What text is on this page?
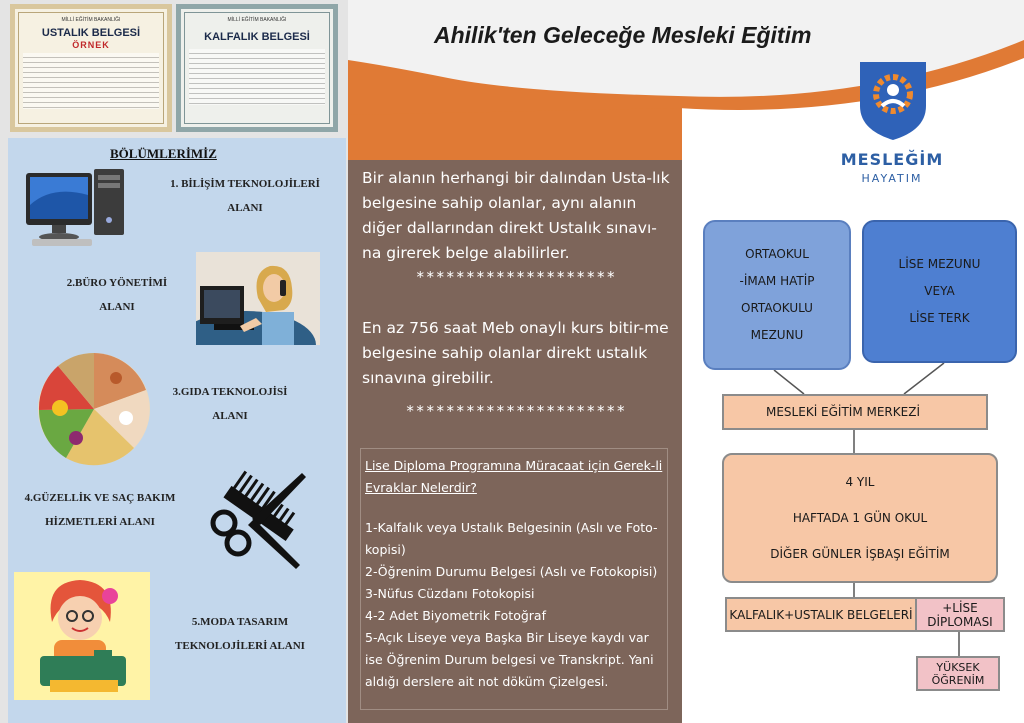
MİLLİ EĞİTİM BAKANLIĞI
USTALIK BELGESİ
ÖRNEK
MİLLİ EĞİTİM BAKANLIĞI
KALFALIK BELGESİ
BÖLÜMLERİMİZ
1. BİLİŞİM TEKNOLOJİLERİ
ALANI
2.BÜRO YÖNETİMİ
ALANI
3.GIDA TEKNOLOJİSİ
ALANI
4.GÜZELLİK VE SAÇ BAKIM
HİZMETLERİ ALANI
5.MODA TASARIM
TEKNOLOJİLERİ ALANI
Ahilik'ten Geleceğe Mesleki Eğitim
Bir alanın herhangi bir dalından Usta-lık belgesine sahip olanlar, aynı alanın diğer dallarından direkt Ustalık sınavı-na girerek belge alabilirler.
********************
En az 756 saat Meb onaylı kurs bitir-me belgesine sahip olanlar direkt ustalık sınavına girebilir.
**********************
Lise Diploma Programına Müracaat için Gerek-li Evraklar Nelerdir?
1-Kalfalık veya Ustalık Belgesinin (Aslı ve Foto-kopisi)
2-Öğrenim Durumu Belgesi (Aslı ve Fotokopisi)
3-Nüfus Cüzdanı Fotokopisi
4-2 Adet Biyometrik Fotoğraf
5-Açık Liseye veya Başka Bir Liseye kaydı var ise Öğrenim Durum belgesi ve Transkript. Yani aldığı derslere ait not döküm Çizelgesi.
MESLEĞİM
HAYATIM
ORTAOKUL
-İMAM HATİP ORTAOKULU
MEZUNU
LİSE MEZUNU
VEYA
LİSE TERK
MESLEKİ EĞİTİM MERKEZİ
4 YIL
HAFTADA 1 GÜN OKUL
DİĞER GÜNLER İŞBAŞI EĞİTİM
KALFALIK+USTALIK BELGELERİ	+LİSE DİPLOMASI
YÜKSEK ÖĞRENİM
